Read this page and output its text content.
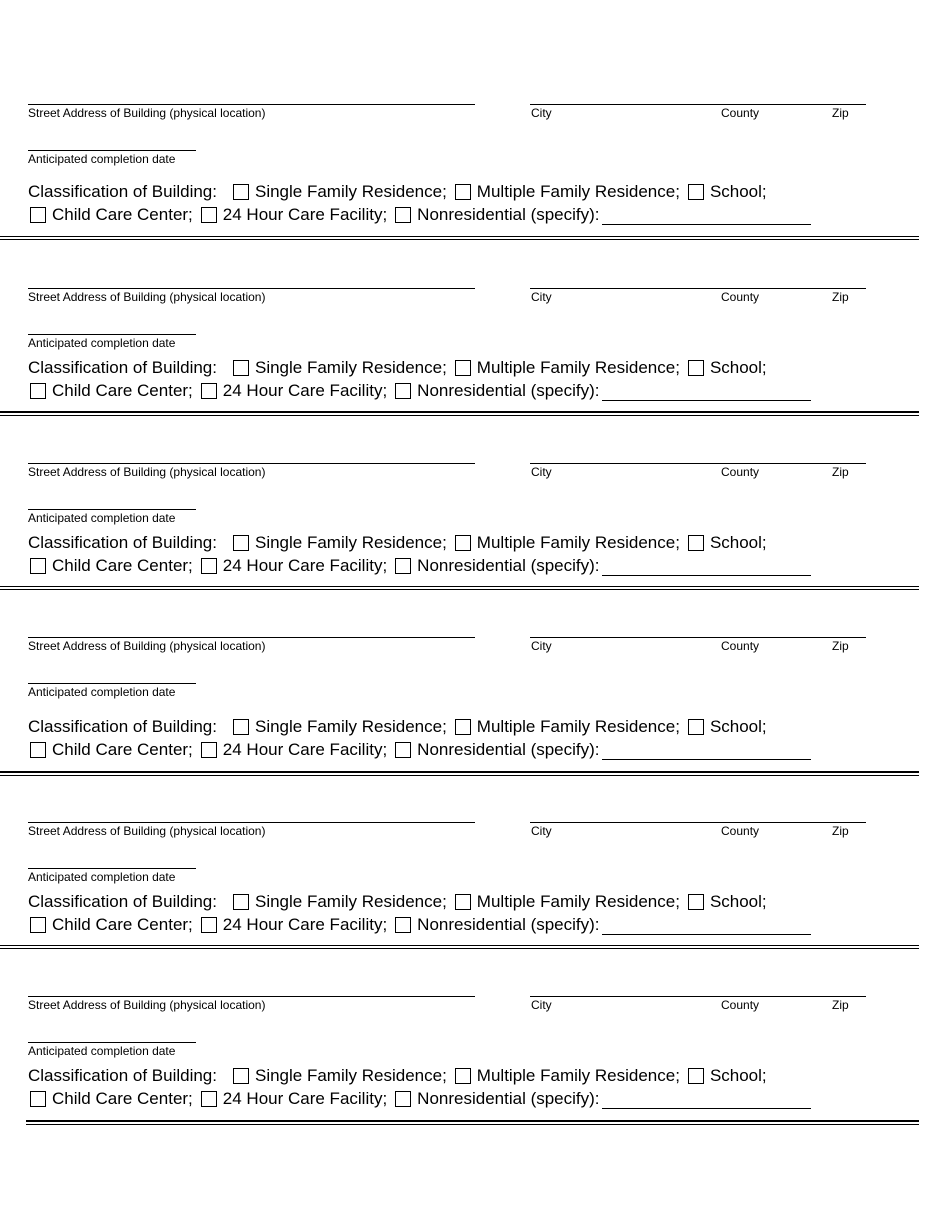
Street Address of Building (physical location)	City	County	Zip
Anticipated completion date
Classification of Building: Single Family Residence; Multiple Family Residence; School;
Child Care Center; 24 Hour Care Facility; Nonresidential (specify):
Street Address of Building (physical location)	City	County	Zip
Anticipated completion date
Classification of Building: Single Family Residence; Multiple Family Residence; School;
Child Care Center; 24 Hour Care Facility; Nonresidential (specify):
Street Address of Building (physical location)	City	County	Zip
Anticipated completion date
Classification of Building: Single Family Residence; Multiple Family Residence; School;
Child Care Center; 24 Hour Care Facility; Nonresidential (specify):
Street Address of Building (physical location)	City	County	Zip
Anticipated completion date
Classification of Building: Single Family Residence; Multiple Family Residence; School;
Child Care Center; 24 Hour Care Facility; Nonresidential (specify):
Street Address of Building (physical location)	City	County	Zip
Anticipated completion date
Classification of Building: Single Family Residence; Multiple Family Residence; School;
Child Care Center; 24 Hour Care Facility; Nonresidential (specify):
Street Address of Building (physical location)	City	County	Zip
Anticipated completion date
Classification of Building: Single Family Residence; Multiple Family Residence; School;
Child Care Center; 24 Hour Care Facility; Nonresidential (specify):
